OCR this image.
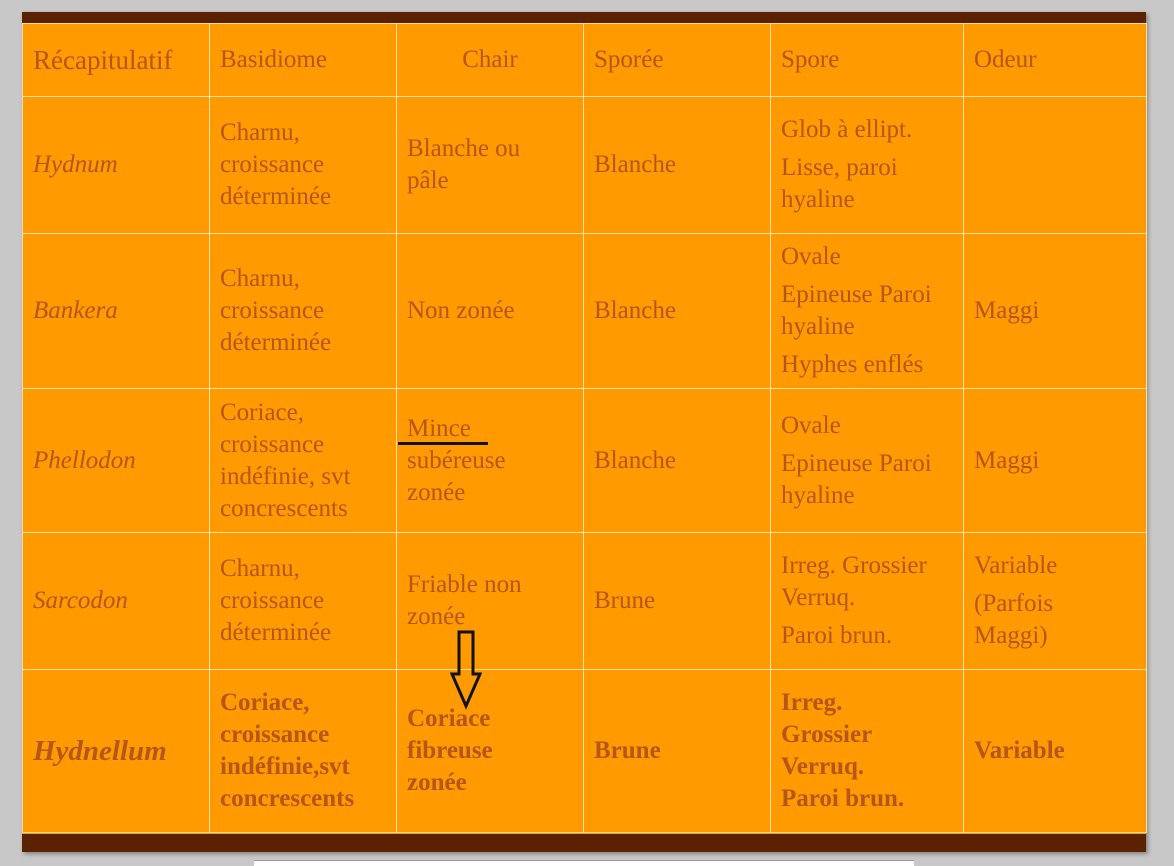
Récapitulatif	Basidiome	Chair	Sporée	Spore	Odeur
Hydnum	Charnu,
croissance
déterminée	Blanche ou
pâle	Blanche	Glob à ellipt.
Lisse, paroi
hyaline	

Bankera	Charnu,
croissance
déterminée	Non zonée	Blanche	Ovale
Epineuse Paroi
hyaline
Hyphes enflés	Maggi

Phellodon	Coriace,
croissance
indéfinie, svt
concrescents	Mince
subéreuse
zonée	Blanche	Ovale
Epineuse Paroi
hyaline	Maggi

Sarcodon	Charnu,
croissance
déterminée	Friable non
zonée	Brune	Irreg. Grossier
Verruq.
Paroi brun.	Variable
(Parfois
Maggi)

Hydnellum	Coriace,
croissance
indéfinie,svt
concrescents	Coriace
fibreuse
zonée	Brune	Irreg.
Grossier
Verruq.
Paroi brun.	Variable
